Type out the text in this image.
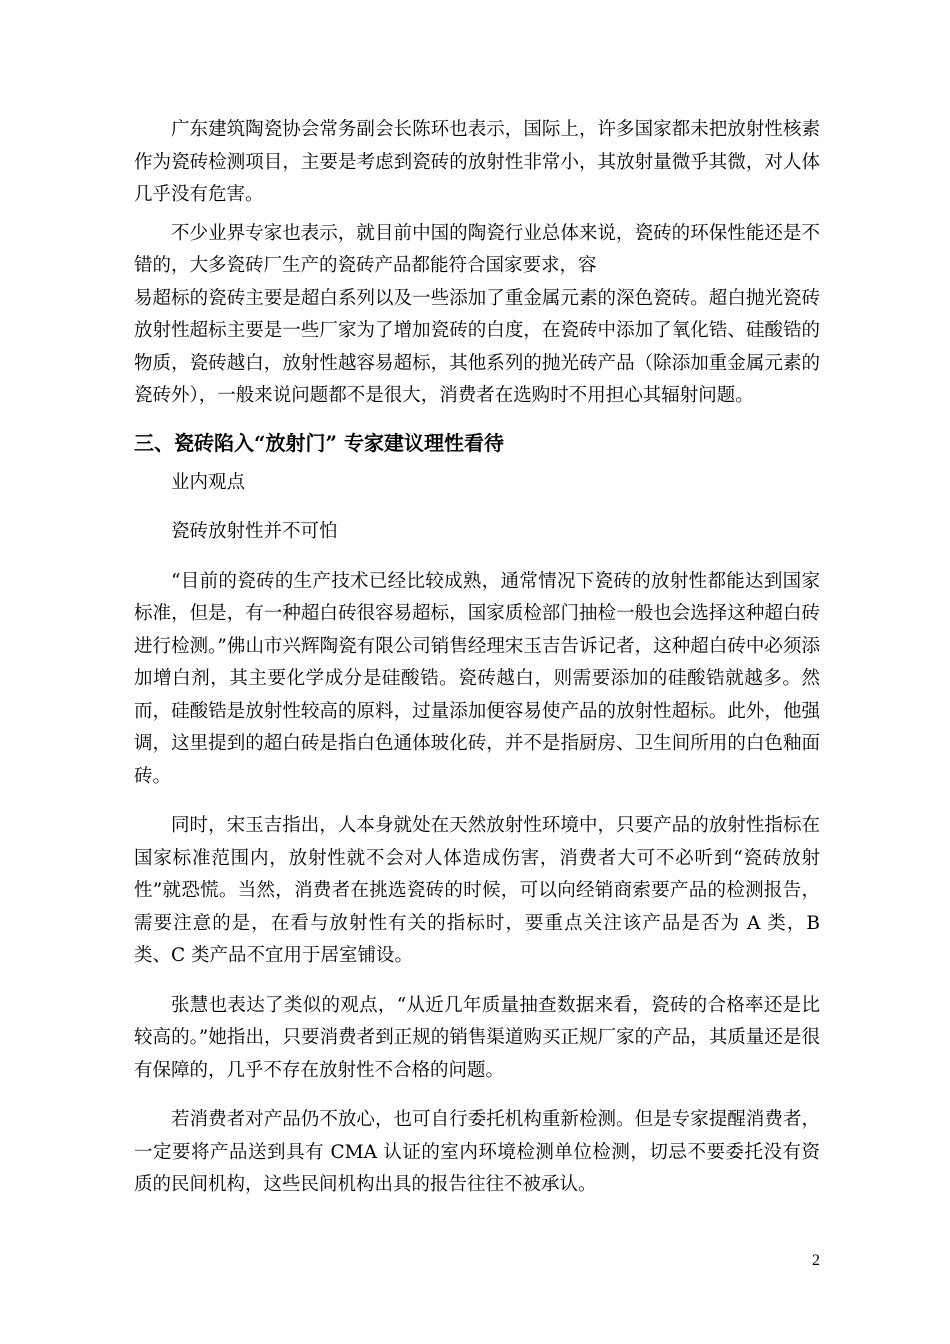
广东建筑陶瓷协会常务副会长陈环也表示，国际上，许多国家都未把放射性核素作为瓷砖检测项目，主要是考虑到瓷砖的放射性非常小，其放射量微乎其微，对人体几乎没有危害。

不少业界专家也表示，就目前中国的陶瓷行业总体来说，瓷砖的环保性能还是不错的，大多瓷砖厂生产的瓷砖产品都能符合国家要求，容

易超标的瓷砖主要是超白系列以及一些添加了重金属元素的深色瓷砖。超白抛光瓷砖放射性超标主要是一些厂家为了增加瓷砖的白度，在瓷砖中添加了氧化锆、硅酸锆的物质，瓷砖越白，放射性越容易超标，其他系列的抛光砖产品（除添加重金属元素的瓷砖外），一般来说问题都不是很大，消费者在选购时不用担心其辐射问题。

三、瓷砖陷入“放射门” 专家建议理性看待

业内观点

瓷砖放射性并不可怕

“目前的瓷砖的生产技术已经比较成熟，通常情况下瓷砖的放射性都能达到国家标准，但是，有一种超白砖很容易超标，国家质检部门抽检一般也会选择这种超白砖进行检测。”佛山市兴辉陶瓷有限公司销售经理宋玉吉告诉记者，这种超白砖中必须添加增白剂，其主要化学成分是硅酸锆。瓷砖越白，则需要添加的硅酸锆就越多。然而，硅酸锆是放射性较高的原料，过量添加便容易使产品的放射性超标。此外，他强调，这里提到的超白砖是指白色通体玻化砖，并不是指厨房、卫生间所用的白色釉面砖。

同时，宋玉吉指出，人本身就处在天然放射性环境中，只要产品的放射性指标在国家标准范围内，放射性就不会对人体造成伤害，消费者大可不必听到“瓷砖放射性”就恐慌。当然，消费者在挑选瓷砖的时候，可以向经销商索要产品的检测报告，需要注意的是，在看与放射性有关的指标时，要重点关注该产品是否为 A 类，B 类、C 类产品不宜用于居室铺设。

张慧也表达了类似的观点，“从近几年质量抽查数据来看，瓷砖的合格率还是比较高的。”她指出，只要消费者到正规的销售渠道购买正规厂家的产品，其质量还是很有保障的，几乎不存在放射性不合格的问题。

若消费者对产品仍不放心，也可自行委托机构重新检测。但是专家提醒消费者，一定要将产品送到具有 CMA 认证的室内环境检测单位检测，切忌不要委托没有资质的民间机构，这些民间机构出具的报告往往不被承认。

2
